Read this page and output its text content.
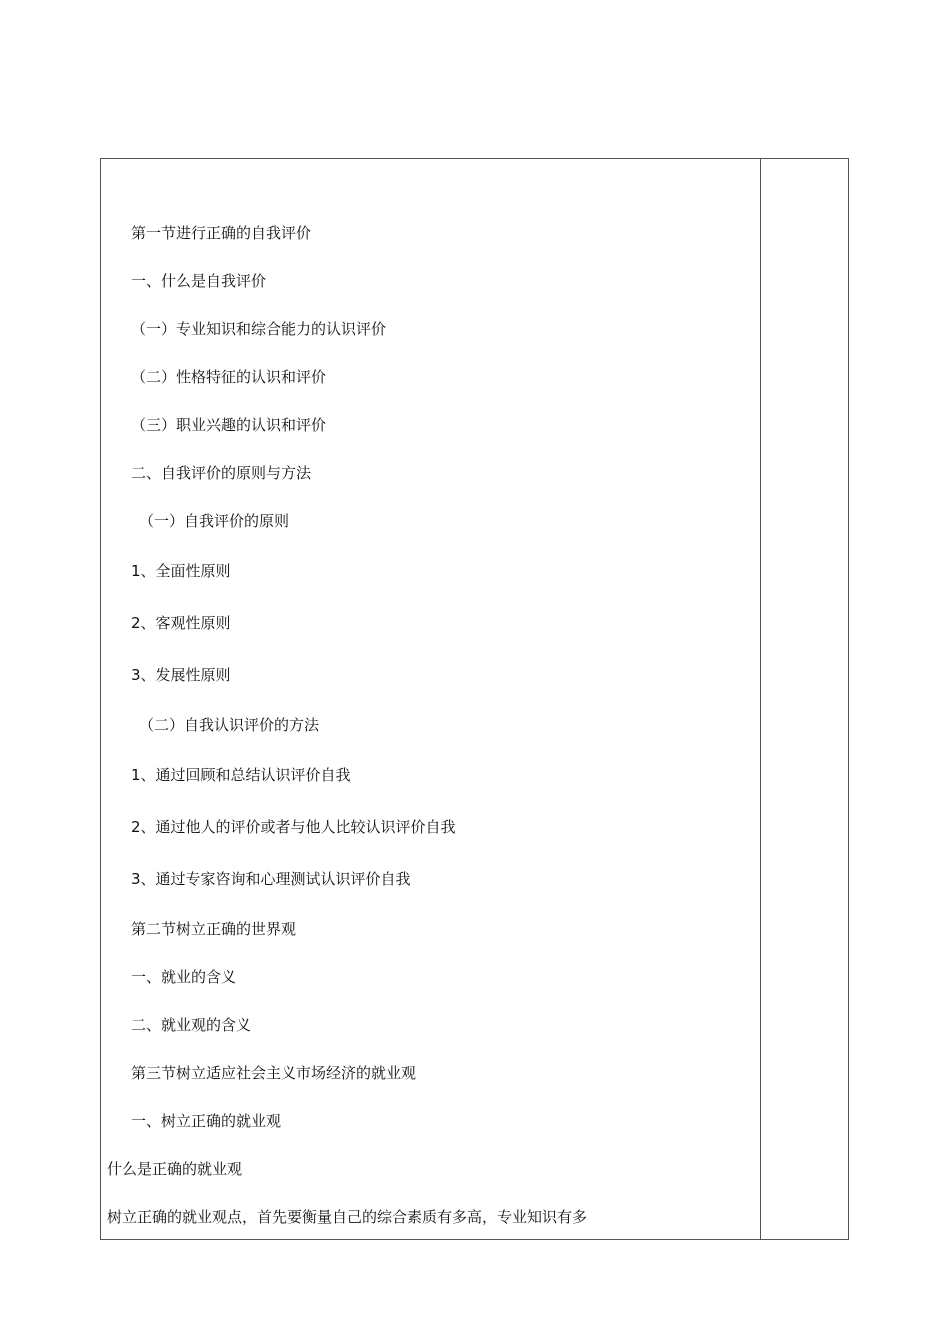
第一节进行正确的自我评价
一、什么是自我评价
（一）专业知识和综合能力的认识评价
（二）性格特征的认识和评价
（三）职业兴趣的认识和评价
二、自我评价的原则与方法
（一）自我评价的原则
1、全面性原则
2、客观性原则
3、发展性原则
（二）自我认识评价的方法
1、通过回顾和总结认识评价自我
2、通过他人的评价或者与他人比较认识评价自我
3、通过专家咨询和心理测试认识评价自我
第二节树立正确的世界观
一、就业的含义
二、就业观的含义
第三节树立适应社会主义市场经济的就业观
一、树立正确的就业观
什么是正确的就业观
树立正确的就业观点，首先要衡量自己的综合素质有多高，专业知识有多
